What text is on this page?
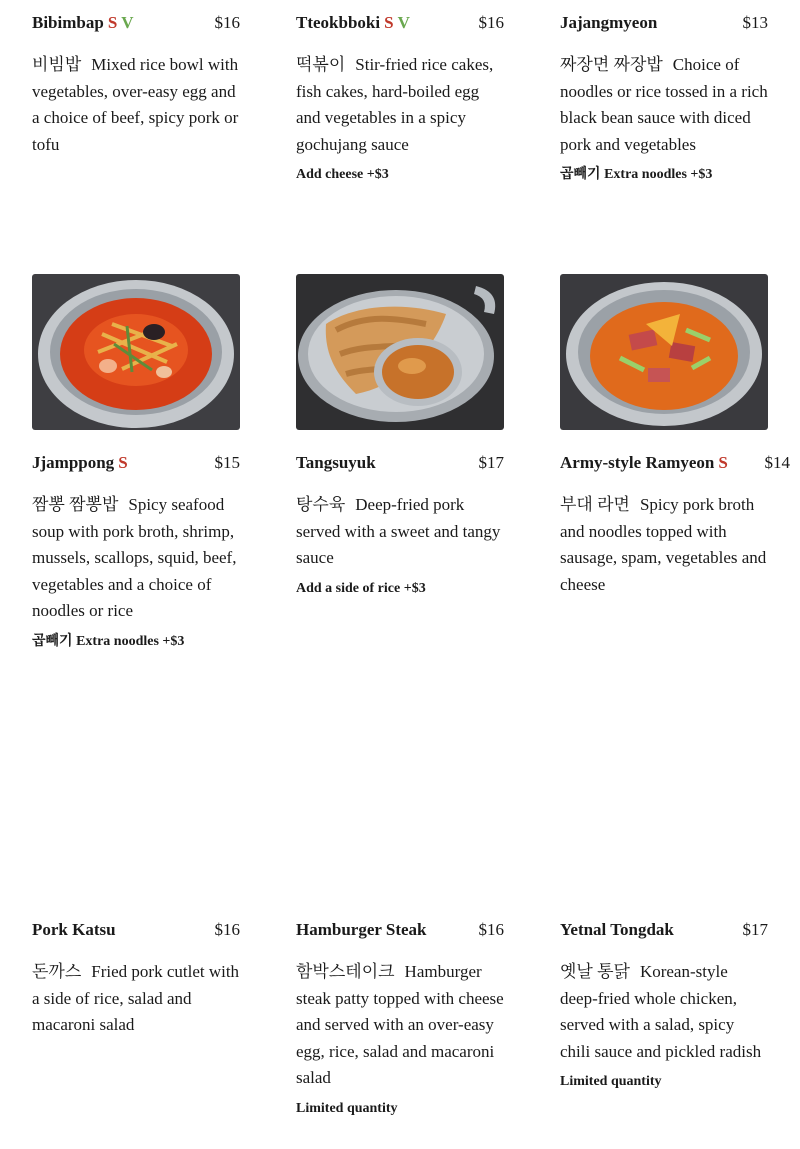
Bibimbap S V	$16
비빔밥 Mixed rice bowl with vegetables, over-easy egg and a choice of beef, spicy pork or tofu
Tteokbboki S V	$16
떡볶이 Stir-fried rice cakes, fish cakes, hard-boiled egg and vegetables in a spicy gochujang sauce
Add cheese +$3
Jajangmyeon	$13
짜장면 짜장밥 Choice of noodles or rice tossed in a rich black bean sauce with diced pork and vegetables
곱빼기 Extra noodles +$3
Jjamppong S	$15
짬뽕 짬뽕밥 Spicy seafood soup with pork broth, shrimp, mussels, scallops, squid, beef, vegetables and a choice of noodles or rice
곱빼기 Extra noodles +$3
Tangsuyuk	$17
탕수육 Deep-fried pork served with a sweet and tangy sauce
Add a side of rice +$3
Army-style Ramyeon S $14
부대 라면 Spicy pork broth and noodles topped with sausage, spam, vegetables and cheese
Pork Katsu	$16
돈까스 Fried pork cutlet with a side of rice, salad and macaroni salad
Hamburger Steak	$16
함박스테이크 Hamburger steak patty topped with cheese and served with an over-easy egg, rice, salad and macaroni salad
Limited quantity
Yetnal Tongdak	$17
옛날 통닭 Korean-style deep-fried whole chicken, served with a salad, spicy chili sauce and pickled radish
Limited quantity
